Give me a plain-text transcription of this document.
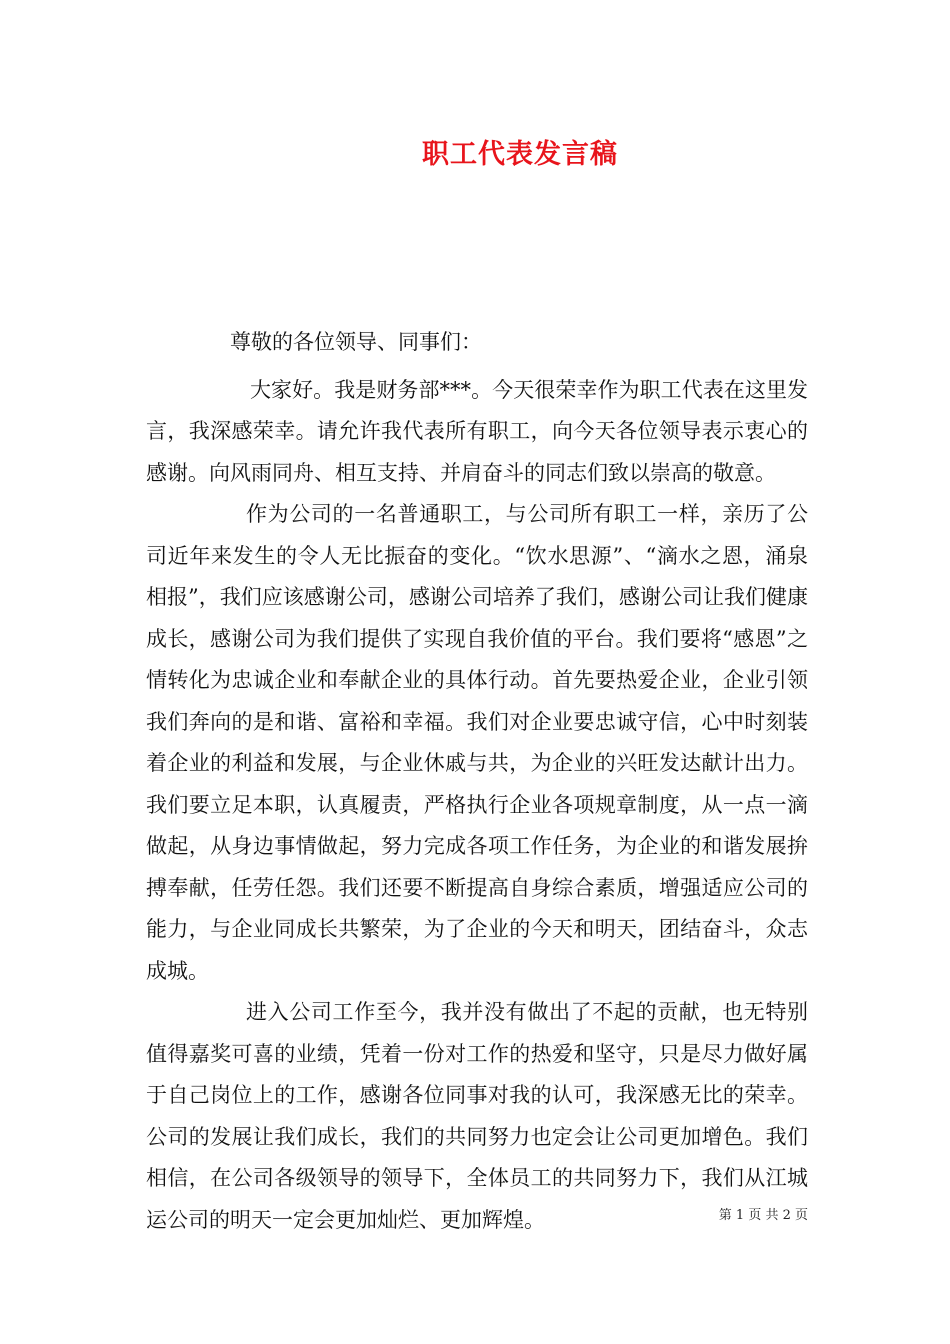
职工代表发言稿

尊敬的各位领导、同事们：

大家好。我是财务部***。今天很荣幸作为职工代表在这里发言，我深感荣幸。请允许我代表所有职工，向今天各位领导表示衷心的感谢。向风雨同舟、相互支持、并肩奋斗的同志们致以崇高的敬意。

作为公司的一名普通职工，与公司所有职工一样，亲历了公司近年来发生的令人无比振奋的变化。“饮水思源”、“滴水之恩，涌泉相报”，我们应该感谢公司，感谢公司培养了我们，感谢公司让我们健康成长，感谢公司为我们提供了实现自我价值的平台。我们要将“感恩”之情转化为忠诚企业和奉献企业的具体行动。首先要热爱企业，企业引领我们奔向的是和谐、富裕和幸福。我们对企业要忠诚守信，心中时刻装着企业的利益和发展，与企业休戚与共，为企业的兴旺发达献计出力。我们要立足本职，认真履责，严格执行企业各项规章制度，从一点一滴做起，从身边事情做起，努力完成各项工作任务，为企业的和谐发展拚搏奉献，任劳任怨。我们还要不断提高自身综合素质，增强适应公司的能力，与企业同成长共繁荣，为了企业的今天和明天，团结奋斗，众志成城。

进入公司工作至今，我并没有做出了不起的贡献，也无特别值得嘉奖可喜的业绩，凭着一份对工作的热爱和坚守，只是尽力做好属于自己岗位上的工作，感谢各位同事对我的认可，我深感无比的荣幸。公司的发展让我们成长，我们的共同努力也定会让公司更加增色。我们相信，在公司各级领导的领导下，全体员工的共同努力下，我们从江城运公司的明天一定会更加灿烂、更加辉煌。	第 1 页 共 2 页
